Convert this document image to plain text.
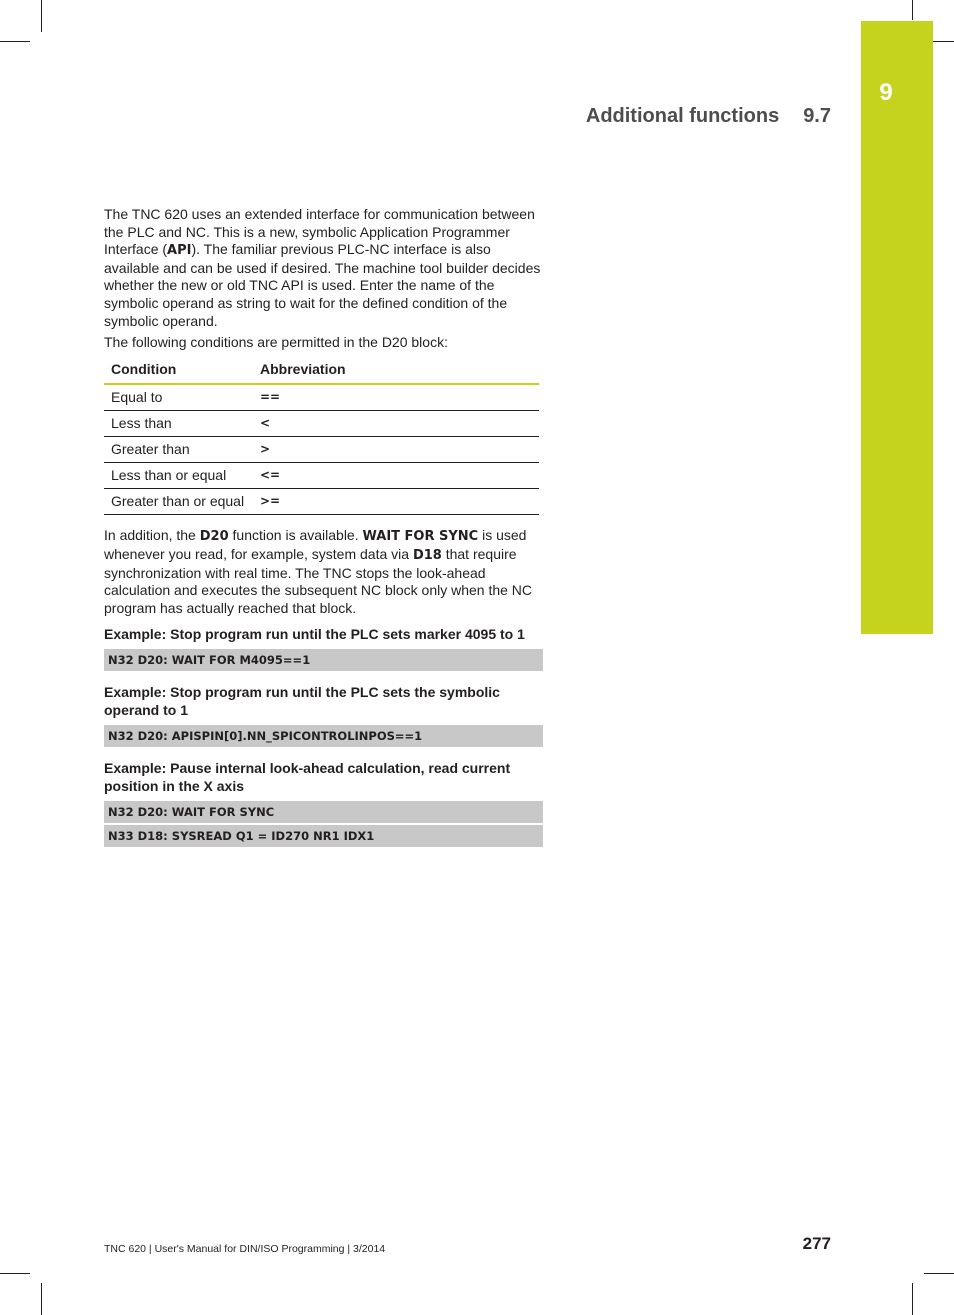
9
Additional functions 9.7

The TNC 620 uses an extended interface for communication between the PLC and NC. This is a new, symbolic Application Programmer Interface (API). The familiar previous PLC-NC interface is also available and can be used if desired. The machine tool builder decides whether the new or old TNC API is used. Enter the name of the symbolic operand as string to wait for the defined condition of the symbolic operand.

The following conditions are permitted in the D20 block:

Condition	Abbreviation
Equal to	==
Less than	<
Greater than	>
Less than or equal	<=
Greater than or equal	>=

In addition, the D20 function is available. WAIT FOR SYNC is used whenever you read, for example, system data via D18 that require synchronization with real time. The TNC stops the look-ahead calculation and executes the subsequent NC block only when the NC program has actually reached that block.

Example: Stop program run until the PLC sets marker 4095 to 1
N32 D20: WAIT FOR M4095==1
Example: Stop program run until the PLC sets the symbolic operand to 1
N32 D20: APISPIN[0].NN_SPICONTROLINPOS==1
Example: Pause internal look-ahead calculation, read current position in the X axis
N32 D20: WAIT FOR SYNC
N33 D18: SYSREAD Q1 = ID270 NR1 IDX1
TNC 620 | User's Manual for DIN/ISO Programming | 3/2014	277
